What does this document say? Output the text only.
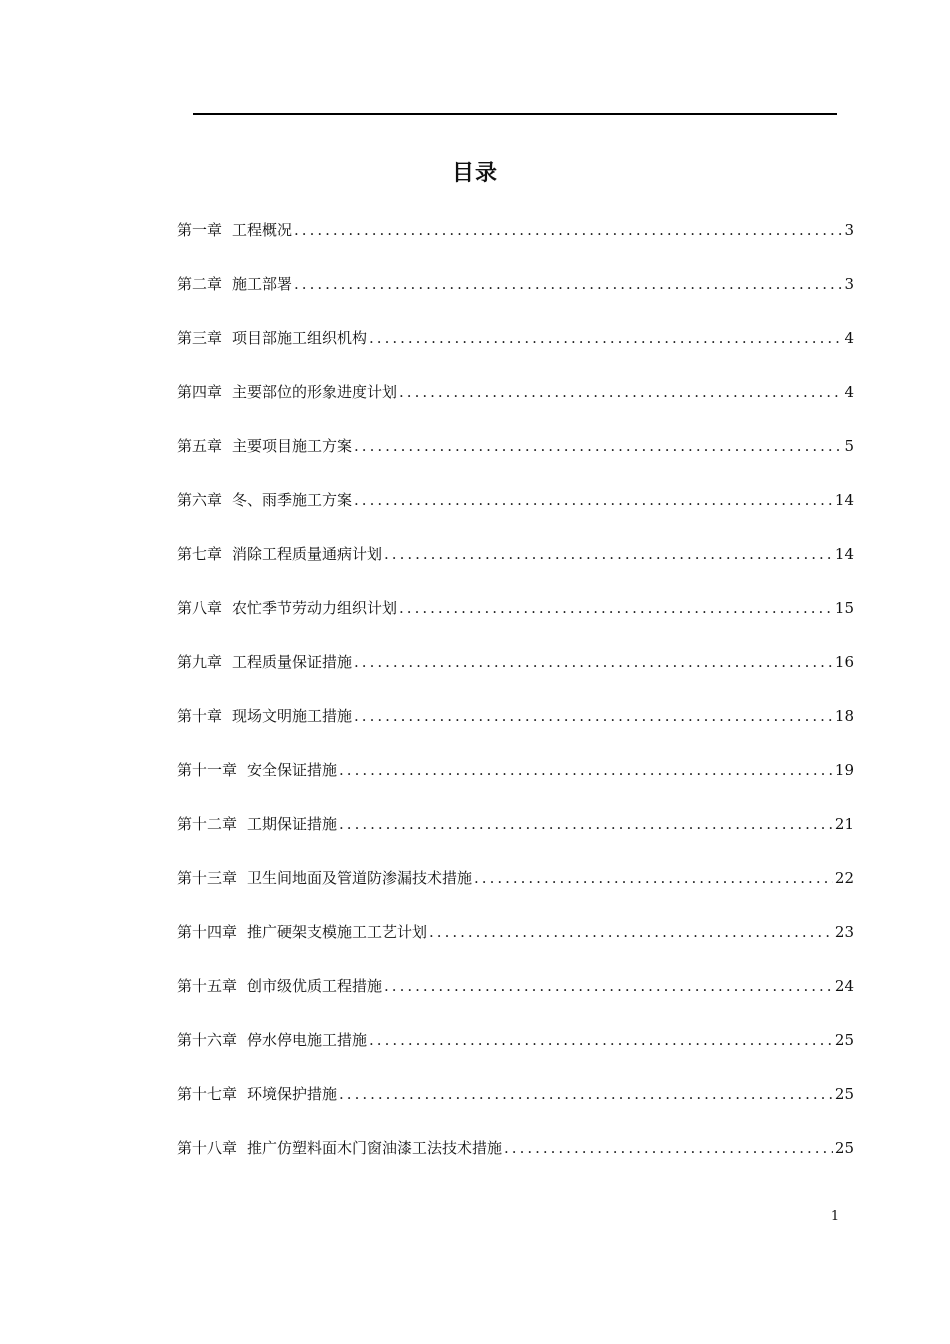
目录
第一章 工程概况 .....	3
第二章 施工部署 .....	3
第三章 项目部施工组织机构 .....	4
第四章 主要部位的形象进度计划 .....	4
第五章 主要项目施工方案 .....	5
第六章 冬、雨季施工方案 .....	14
第七章 消除工程质量通病计划 .....	14
第八章 农忙季节劳动力组织计划 .....	15
第九章 工程质量保证措施 .....	16
第十章 现场文明施工措施 .....	18
第十一章 安全保证措施 .....	19
第十二章 工期保证措施 .....	21
第十三章 卫生间地面及管道防渗漏技术措施 .....	22
第十四章 推广硬架支模施工工艺计划 .....	23
第十五章 创市级优质工程措施 .....	24
第十六章 停水停电施工措施 .....	25
第十七章 环境保护措施 .....	25
第十八章 推广仿塑料面木门窗油漆工法技术措施 .....	25
1
